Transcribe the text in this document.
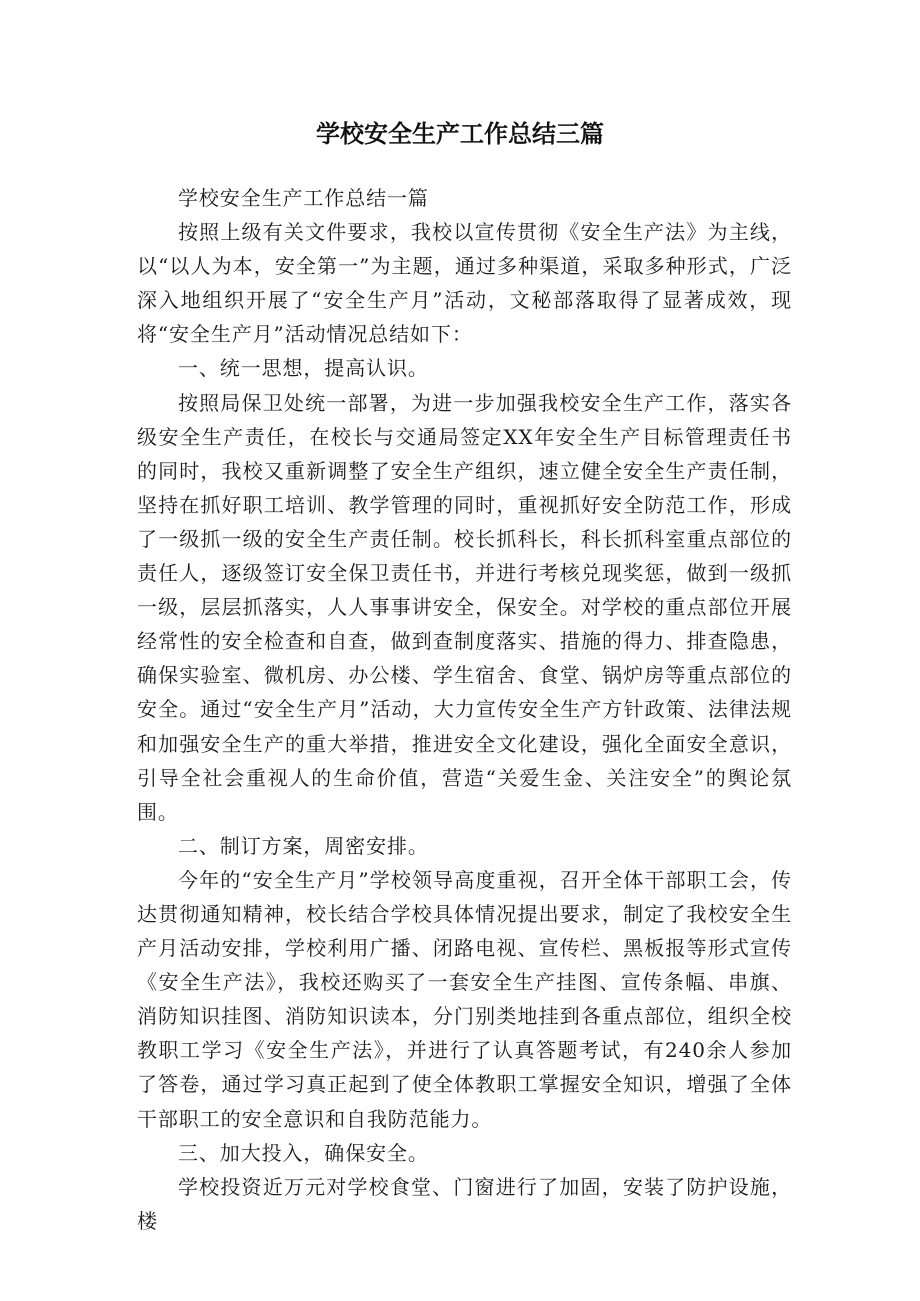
学校安全生产工作总结三篇

学校安全生产工作总结一篇

按照上级有关文件要求，我校以宣传贯彻《安全生产法》为主线，以“以人为本，安全第一”为主题，通过多种渠道，采取多种形式，广泛深入地组织开展了“安全生产月”活动，文秘部落取得了显著成效，现将“安全生产月”活动情况总结如下：

一、统一思想，提高认识。

按照局保卫处统一部署，为进一步加强我校安全生产工作，落实各级安全生产责任，在校长与交通局签定XX年安全生产目标管理责任书的同时，我校又重新调整了安全生产组织，速立健全安全生产责任制，坚持在抓好职工培训、教学管理的同时，重视抓好安全防范工作，形成了一级抓一级的安全生产责任制。校长抓科长，科长抓科室重点部位的责任人，逐级签订安全保卫责任书，并进行考核兑现奖惩，做到一级抓一级，层层抓落实，人人事事讲安全，保安全。对学校的重点部位开展经常性的安全检查和自查，做到查制度落实、措施的得力、排查隐患，确保实验室、微机房、办公楼、学生宿舍、食堂、锅炉房等重点部位的安全。通过“安全生产月”活动，大力宣传安全生产方针政策、法律法规和加强安全生产的重大举措，推进安全文化建设，强化全面安全意识，引导全社会重视人的生命价值，营造“关爱生金、关注安全”的舆论氛围。

二、制订方案，周密安排。

今年的“安全生产月”学校领导高度重视，召开全体干部职工会，传达贯彻通知精神，校长结合学校具体情况提出要求，制定了我校安全生产月活动安排，学校利用广播、闭路电视、宣传栏、黑板报等形式宣传《安全生产法》，我校还购买了一套安全生产挂图、宣传条幅、串旗、消防知识挂图、消防知识读本，分门别类地挂到各重点部位，组织全校教职工学习《安全生产法》，并进行了认真答题考试，有240余人参加了答卷，通过学习真正起到了使全体教职工掌握安全知识，增强了全体干部职工的安全意识和自我防范能力。

三、加大投入，确保安全。

学校投资近万元对学校食堂、门窗进行了加固，安装了防护设施，楼
